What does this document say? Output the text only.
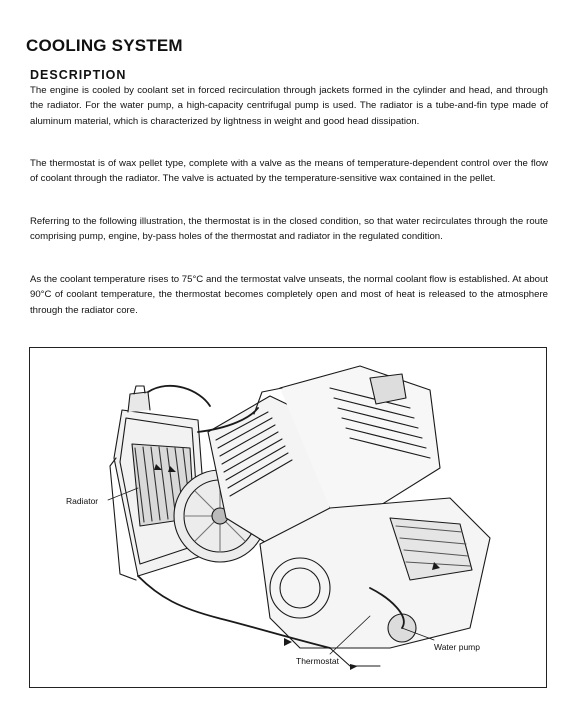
COOLING SYSTEM
DESCRIPTION

The engine is cooled by coolant set in forced recirculation through jackets formed in the cylinder and head, and through the radiator. For the water pump, a high-capacity centrifugal pump is used. The radiator is a tube-and-fin type made of aluminum material, which is characterized by lightness in weight and good head dissipation.

The thermostat is of wax pellet type, complete with a valve as the means of temperature-dependent control over the flow of coolant through the radiator. The valve is actuated by the temperature-sensitive wax contained in the pellet.

Referring to the following illustration, the thermostat is in the closed condition, so that water recirculates through the route comprising pump, engine, by-pass holes of the thermostat and radiator in the regulated condition.

As the coolant temperature rises to 75°C and the termostat valve unseats, the normal coolant flow is established. At about 90°C of coolant temperature, the thermostat becomes completely open and most of heat is released to the atmosphere through the radiator core.

Radiator
Water pump
Thermostat
